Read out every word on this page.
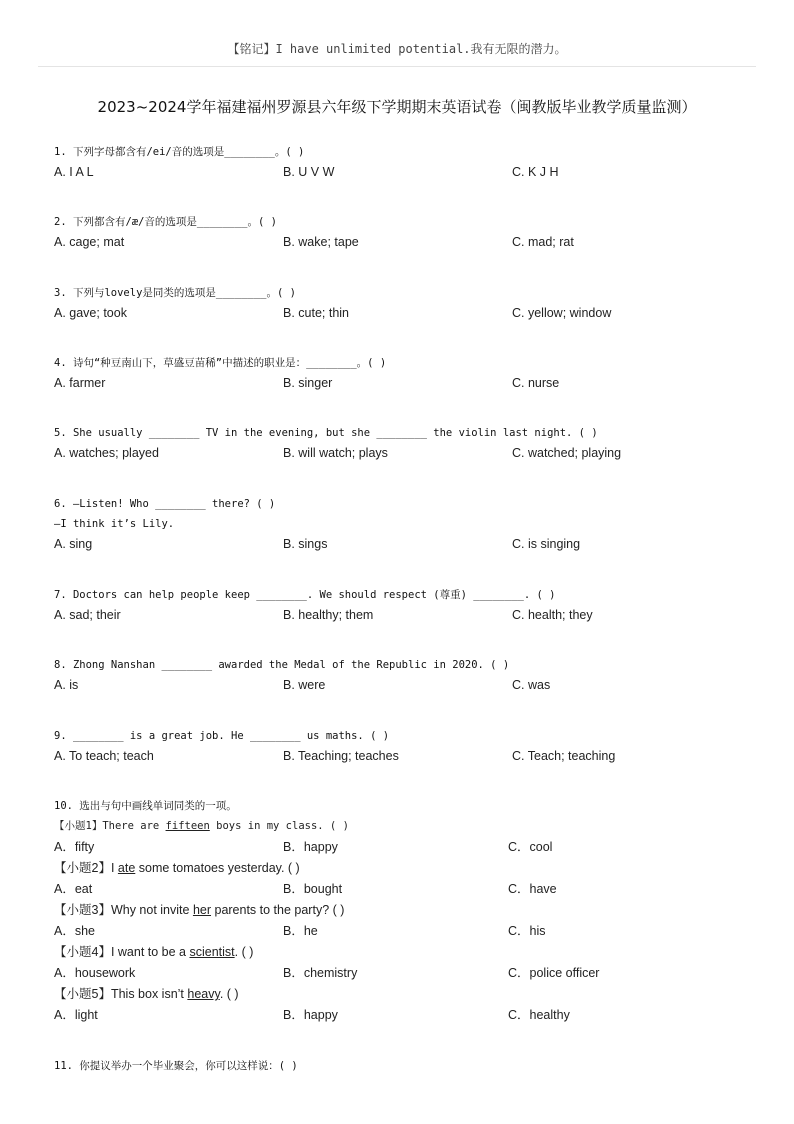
【铭记】I have unlimited potential.我有无限的潜力。
2023~2024学年福建福州罗源县六年级下学期期末英语试卷（闽教版毕业教学质量监测）
1. 下列字母都含有/ei/音的选项是________。( )
A. I A L	B. U V W	C. K J H
2. 下列都含有/æ/音的选项是________。( )
A. cage; mat	B. wake; tape	C. mad; rat
3. 下列与lovely是同类的选项是________。( )
A. gave; took	B. cute; thin	C. yellow; window
4. 诗句“种豆南山下，草盛豆苗稀”中描述的职业是：________。( )
A. farmer	B. singer	C. nurse
5. She usually ________ TV in the evening, but she ________ the violin last night. ( )
A. watches; played	B. will watch; plays	C. watched; playing
6. —Listen! Who ________ there? ( )
—I think it’s Lily.
A. sing	B. sings	C. is singing
7. Doctors can help people keep ________. We should respect (尊重) ________. ( )
A. sad; their	B. healthy; them	C. health; they
8. Zhong Nanshan ________ awarded the Medal of the Republic in 2020. ( )
A. is	B. were	C. was
9. ________ is a great job. He ________ us maths. ( )
A. To teach; teach	B. Teaching; teaches	C. Teach; teaching
10. 选出与句中画线单词同类的一项。
【小题1】There are fifteen boys in my class. ( )
A．fifty	B．happy	C．cool
【小题2】I ate some tomatoes yesterday. ( )
A．eat	B．bought	C．have
【小题3】Why not invite her parents to the party? ( )
A．she	B．he	C．his
【小题4】I want to be a scientist. ( )
A．housework	B．chemistry	C．police officer
【小题5】This box isn’t heavy. ( )
A．light	B．happy	C．healthy
11. 你提议举办一个毕业聚会，你可以这样说：( )
